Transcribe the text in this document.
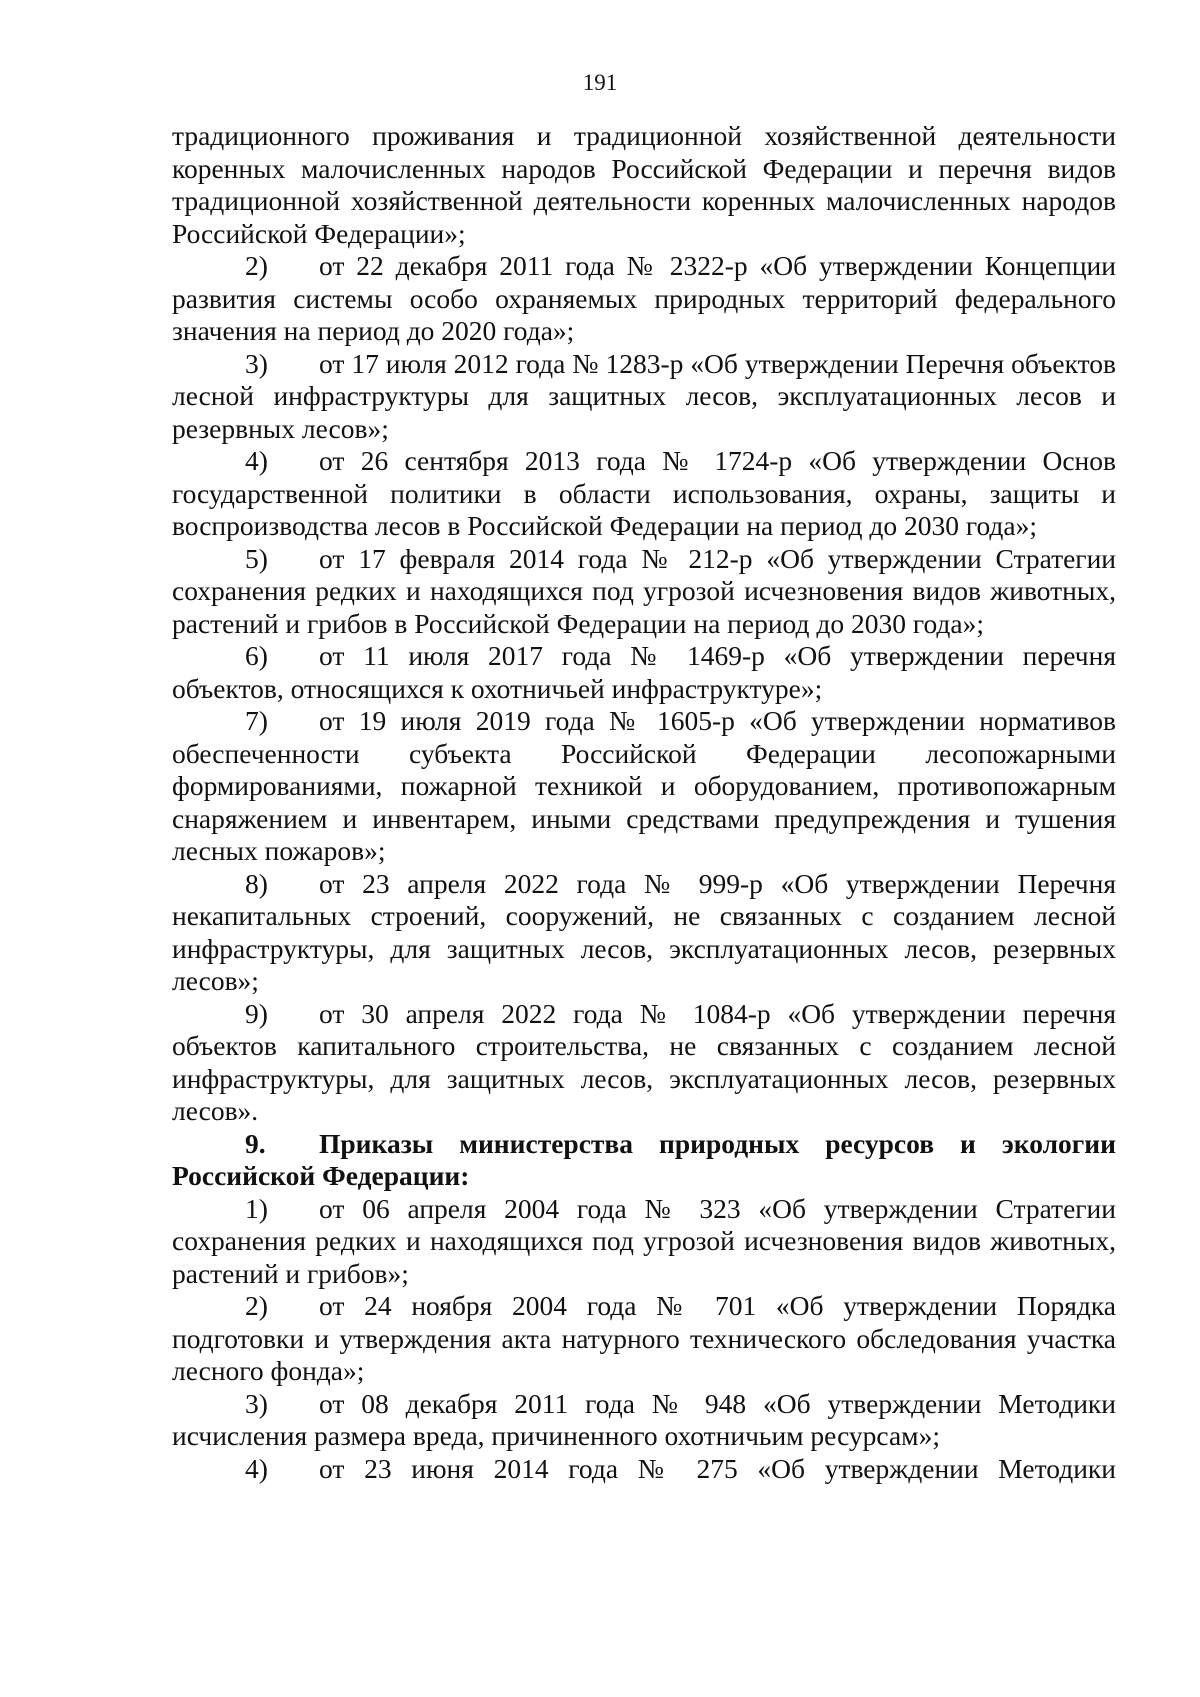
191

традиционного проживания и традиционной хозяйственной деятельности коренных малочисленных народов Российской Федерации и перечня видов традиционной хозяйственной деятельности коренных малочисленных народов Российской Федерации»;

2) от 22 декабря 2011 года № 2322-р «Об утверждении Концепции развития системы особо охраняемых природных территорий федерального значения на период до 2020 года»;

3) от 17 июля 2012 года № 1283-р «Об утверждении Перечня объектов лесной инфраструктуры для защитных лесов, эксплуатационных лесов и резервных лесов»;

4) от 26 сентября 2013 года № 1724-р «Об утверждении Основ государственной политики в области использования, охраны, защиты и воспроизводства лесов в Российской Федерации на период до 2030 года»;

5) от 17 февраля 2014 года № 212-р «Об утверждении Стратегии сохранения редких и находящихся под угрозой исчезновения видов животных, растений и грибов в Российской Федерации на период до 2030 года»;

6) от 11 июля 2017 года № 1469-р «Об утверждении перечня объектов, относящихся к охотничьей инфраструктуре»;

7) от 19 июля 2019 года № 1605-р «Об утверждении нормативов обеспеченности субъекта Российской Федерации лесопожарными формированиями, пожарной техникой и оборудованием, противопожарным снаряжением и инвентарем, иными средствами предупреждения и тушения лесных пожаров»;

8) от 23 апреля 2022 года № 999-р «Об утверждении Перечня некапитальных строений, сооружений, не связанных с созданием лесной инфраструктуры, для защитных лесов, эксплуатационных лесов, резервных лесов»;

9) от 30 апреля 2022 года № 1084-р «Об утверждении перечня объектов капитального строительства, не связанных с созданием лесной инфраструктуры, для защитных лесов, эксплуатационных лесов, резервных лесов».

9. Приказы министерства природных ресурсов и экологии Российской Федерации:

1) от 06 апреля 2004 года № 323 «Об утверждении Стратегии сохранения редких и находящихся под угрозой исчезновения видов животных, растений и грибов»;

2) от 24 ноября 2004 года № 701 «Об утверждении Порядка подготовки и утверждения акта натурного технического обследования участка лесного фонда»;

3) от 08 декабря 2011 года № 948 «Об утверждении Методики исчисления размера вреда, причиненного охотничьим ресурсам»;

4) от 23 июня 2014 года № 275 «Об утверждении Методики
